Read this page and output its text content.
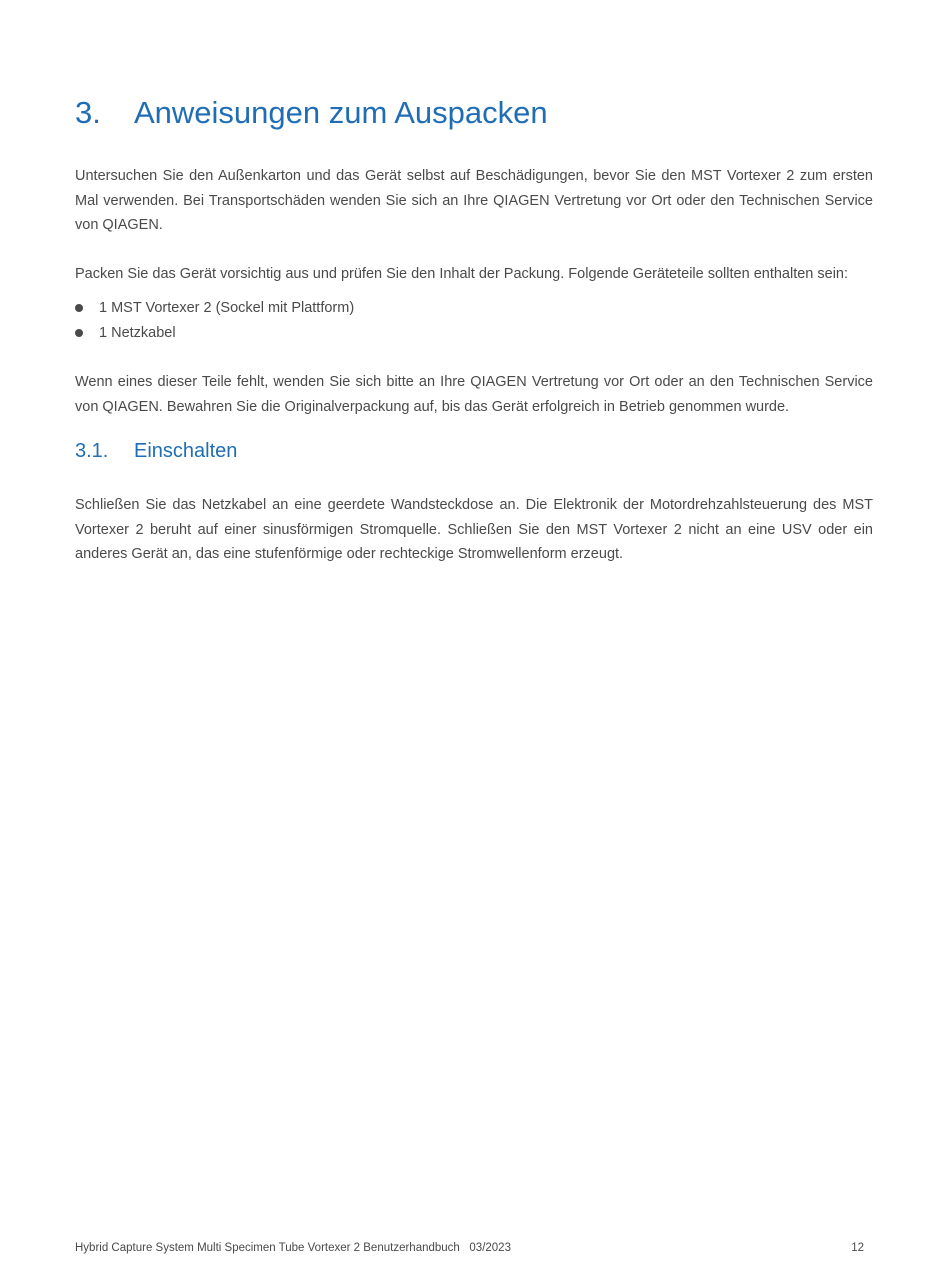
3. Anweisungen zum Auspacken

Untersuchen Sie den Außenkarton und das Gerät selbst auf Beschädigungen, bevor Sie den MST Vortexer 2 zum ersten Mal verwenden. Bei Transportschäden wenden Sie sich an Ihre QIAGEN Vertretung vor Ort oder den Technischen Service von QIAGEN.

Packen Sie das Gerät vorsichtig aus und prüfen Sie den Inhalt der Packung. Folgende Geräteteile sollten enthalten sein:

1 MST Vortexer 2 (Sockel mit Plattform)
1 Netzkabel

Wenn eines dieser Teile fehlt, wenden Sie sich bitte an Ihre QIAGEN Vertretung vor Ort oder an den Technischen Service von QIAGEN. Bewahren Sie die Originalverpackung auf, bis das Gerät erfolgreich in Betrieb genommen wurde.

3.1. Einschalten

Schließen Sie das Netzkabel an eine geerdete Wandsteckdose an. Die Elektronik der Motordrehzahlsteuerung des MST Vortexer 2 beruht auf einer sinusförmigen Stromquelle. Schließen Sie den MST Vortexer 2 nicht an eine USV oder ein anderes Gerät an, das eine stufenförmige oder rechteckige Stromwellenform erzeugt.

Hybrid Capture System Multi Specimen Tube Vortexer 2 Benutzerhandbuch   03/2023	12
